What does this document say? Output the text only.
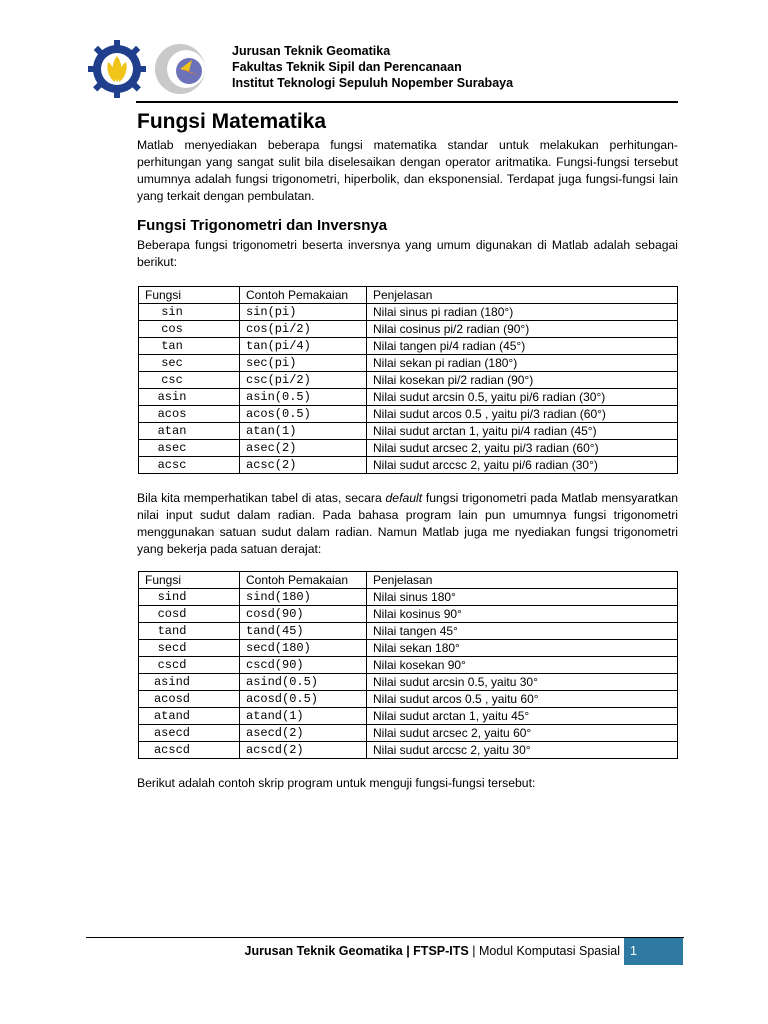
Jurusan Teknik Geomatika
Fakultas Teknik Sipil dan Perencanaan
Institut Teknologi Sepuluh Nopember Surabaya
Fungsi Matematika
Matlab menyediakan beberapa fungsi matematika standar untuk melakukan perhitungan-perhitungan yang sangat sulit bila diselesaikan dengan operator aritmatika. Fungsi-fungsi tersebut umumnya adalah fungsi trigonometri, hiperbolik, dan eksponensial. Terdapat juga fungsi-fungsi lain yang terkait dengan pembulatan.
Fungsi Trigonometri dan Inversnya
Beberapa fungsi trigonometri beserta inversnya yang umum digunakan di Matlab adalah sebagai berikut:
Fungsi	Contoh Pemakaian	Penjelasan
sin	sin(pi)	Nilai sinus pi radian (180°)
cos	cos(pi/2)	Nilai cosinus pi/2 radian (90°)
tan	tan(pi/4)	Nilai tangen pi/4 radian (45°)
sec	sec(pi)	Nilai sekan pi radian (180°)
csc	csc(pi/2)	Nilai kosekan pi/2 radian (90°)
asin	asin(0.5)	Nilai sudut arcsin 0.5, yaitu pi/6 radian (30°)
acos	acos(0.5)	Nilai sudut arcos 0.5 , yaitu pi/3 radian (60°)
atan	atan(1)	Nilai sudut arctan 1, yaitu pi/4 radian (45°)
asec	asec(2)	Nilai sudut arcsec 2, yaitu pi/3 radian (60°)
acsc	acsc(2)	Nilai sudut arccsc 2, yaitu pi/6 radian (30°)
Bila kita memperhatikan tabel di atas, secara default fungsi trigonometri pada Matlab mensyaratkan nilai input sudut dalam radian. Pada bahasa program lain pun umumnya fungsi trigonometri menggunakan satuan sudut dalam radian. Namun Matlab juga me nyediakan fungsi trigonometri yang bekerja pada satuan derajat:
Fungsi	Contoh Pemakaian	Penjelasan
sind	sind(180)	Nilai sinus 180°
cosd	cosd(90)	Nilai kosinus 90°
tand	tand(45)	Nilai tangen 45°
secd	secd(180)	Nilai sekan 180°
cscd	cscd(90)	Nilai kosekan 90°
asind	asind(0.5)	Nilai sudut arcsin 0.5, yaitu 30°
acosd	acosd(0.5)	Nilai sudut arcos 0.5 , yaitu 60°
atand	atand(1)	Nilai sudut arctan 1, yaitu 45°
asecd	asecd(2)	Nilai sudut arcsec 2, yaitu 60°
acscd	acscd(2)	Nilai sudut arccsc 2, yaitu 30°
Berikut adalah contoh skrip program untuk menguji fungsi-fungsi tersebut:
Jurusan Teknik Geomatika | FTSP-ITS | Modul Komputasi Spasial 1
